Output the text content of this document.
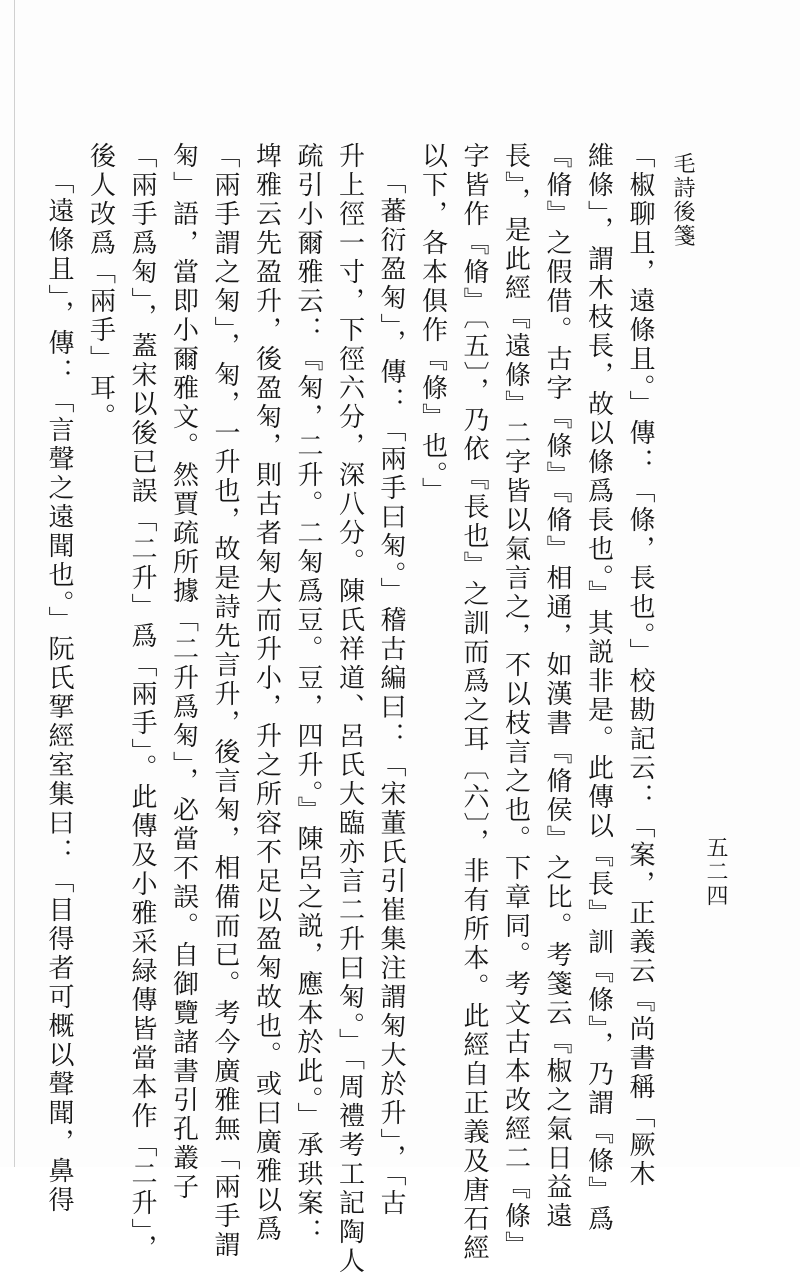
毛詩後箋
五二四
「椒聊且，遠條且。」傳：「條，長也。」校勘記云：「案，正義云『尚書稱「厥木
維條」，謂木枝長，故以條爲長也。』其説非是。此傳以『長』訓『條』，乃謂『條』爲
『脩』之假借。古字『條』『脩』相通，如漢書『脩侯』之比。考箋云『椒之氣日益遠
長』，是此經『遠條』二字皆以氣言之，不以枝言之也。下章同。考文古本改經二『條』
字皆作『脩』〔五〕，乃依『長也』之訓而爲之耳〔六〕，非有所本。此經自正義及唐石經
以下，各本俱作『條』也。」
「蕃衍盈匊」，傳：「兩手曰匊。」稽古編曰：「宋董氏引崔集注謂匊大於升」，「古
升上徑一寸，下徑六分，深八分。陳氏祥道、呂氏大臨亦言二升曰匊。」「周禮考工記陶人
疏引小爾雅云：『匊，二升。二匊爲豆。豆，四升。』陳呂之説，應本於此。」承珙案：
埤雅云先盈升，後盈匊，則古者匊大而升小，升之所容不足以盈匊故也。或曰廣雅以爲
「兩手謂之匊」，匊，一升也，故是詩先言升，後言匊，相備而已。考今廣雅無「兩手謂
匊」語，當即小爾雅文。然賈疏所據「二升爲匊」，必當不誤。自御覽諸書引孔叢子
「兩手爲匊」，蓋宋以後已誤「二升」爲「兩手」。此傳及小雅采緑傳皆當本作「二升」，
後人改爲「兩手」耳。
「遠條且」，傳：「言聲之遠聞也。」阮氏揅經室集曰：「目得者可概以聲聞，鼻得
